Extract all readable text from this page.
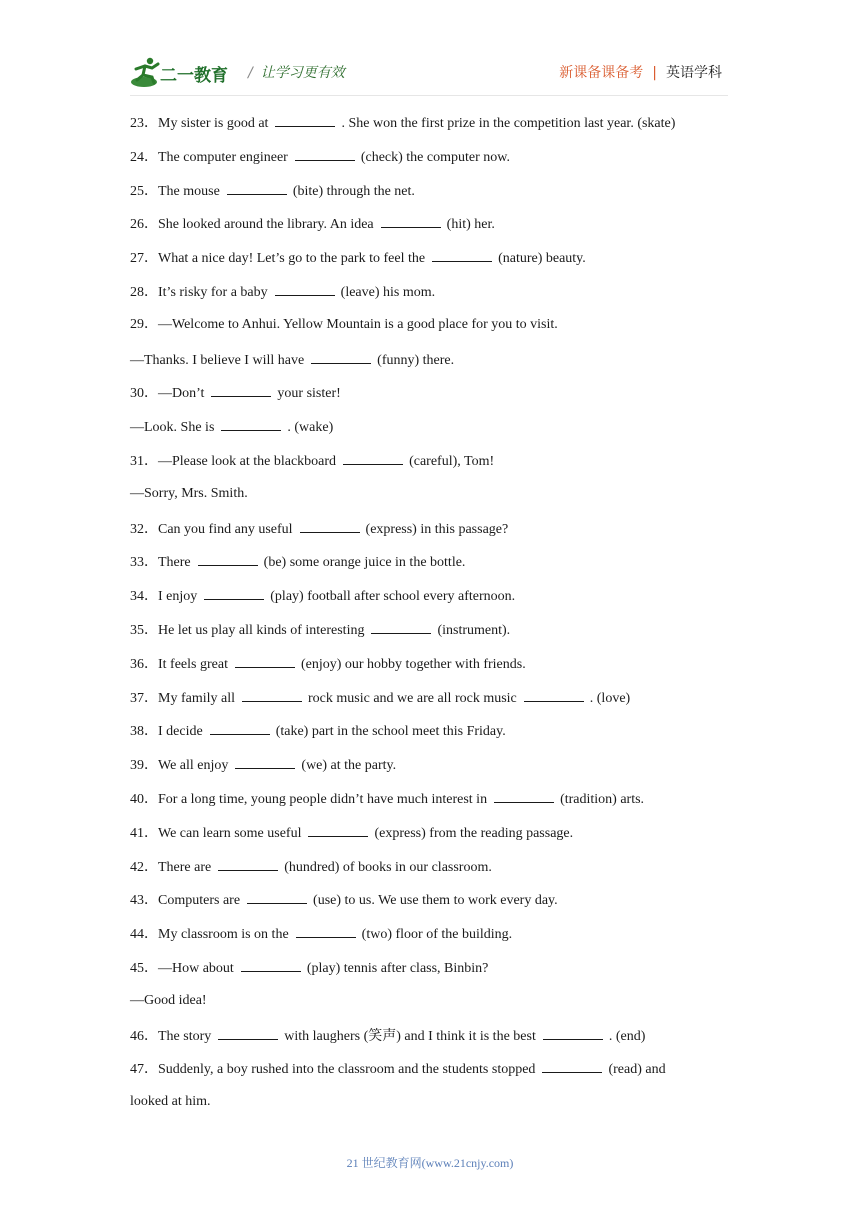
二一教育 / 让学习更有效	新课备课备考 | 英语学科
23．My sister is good at	. She won the first prize in the competition last year. (skate)
24．The computer engineer	(check) the computer now.
25．The mouse	(bite) through the net.
26．She looked around the library. An idea	(hit) her.
27．What a nice day! Let’s go to the park to feel the	(nature) beauty.
28．It’s risky for a baby	(leave) his mom.
29．—Welcome to Anhui. Yellow Mountain is a good place for you to visit.
—Thanks. I believe I will have	(funny) there.
30．—Don’t	your sister!
—Look. She is	. (wake)
31．—Please look at the blackboard	(careful), Tom!
—Sorry, Mrs. Smith.
32．Can you find any useful	(express) in this passage?
33．There	(be) some orange juice in the bottle.
34．I enjoy	(play) football after school every afternoon.
35．He let us play all kinds of interesting	(instrument).
36．It feels great	(enjoy) our hobby together with friends.
37．My family all	rock music and we are all rock music	. (love)
38．I decide	(take) part in the school meet this Friday.
39．We all enjoy	(we) at the party.
40．For a long time, young people didn’t have much interest in	(tradition) arts.
41．We can learn some useful	(express) from the reading passage.
42．There are	(hundred) of books in our classroom.
43．Computers are	(use) to us. We use them to work every day.
44．My classroom is on the	(two) floor of the building.
45．—How about	(play) tennis after class, Binbin?
—Good idea!
46．The story	with laughers (笑声) and I think it is the best	. (end)
47．Suddenly, a boy rushed into the classroom and the students stopped	(read) and
looked at him.
21 世纪教育网(www.21cnjy.com)
